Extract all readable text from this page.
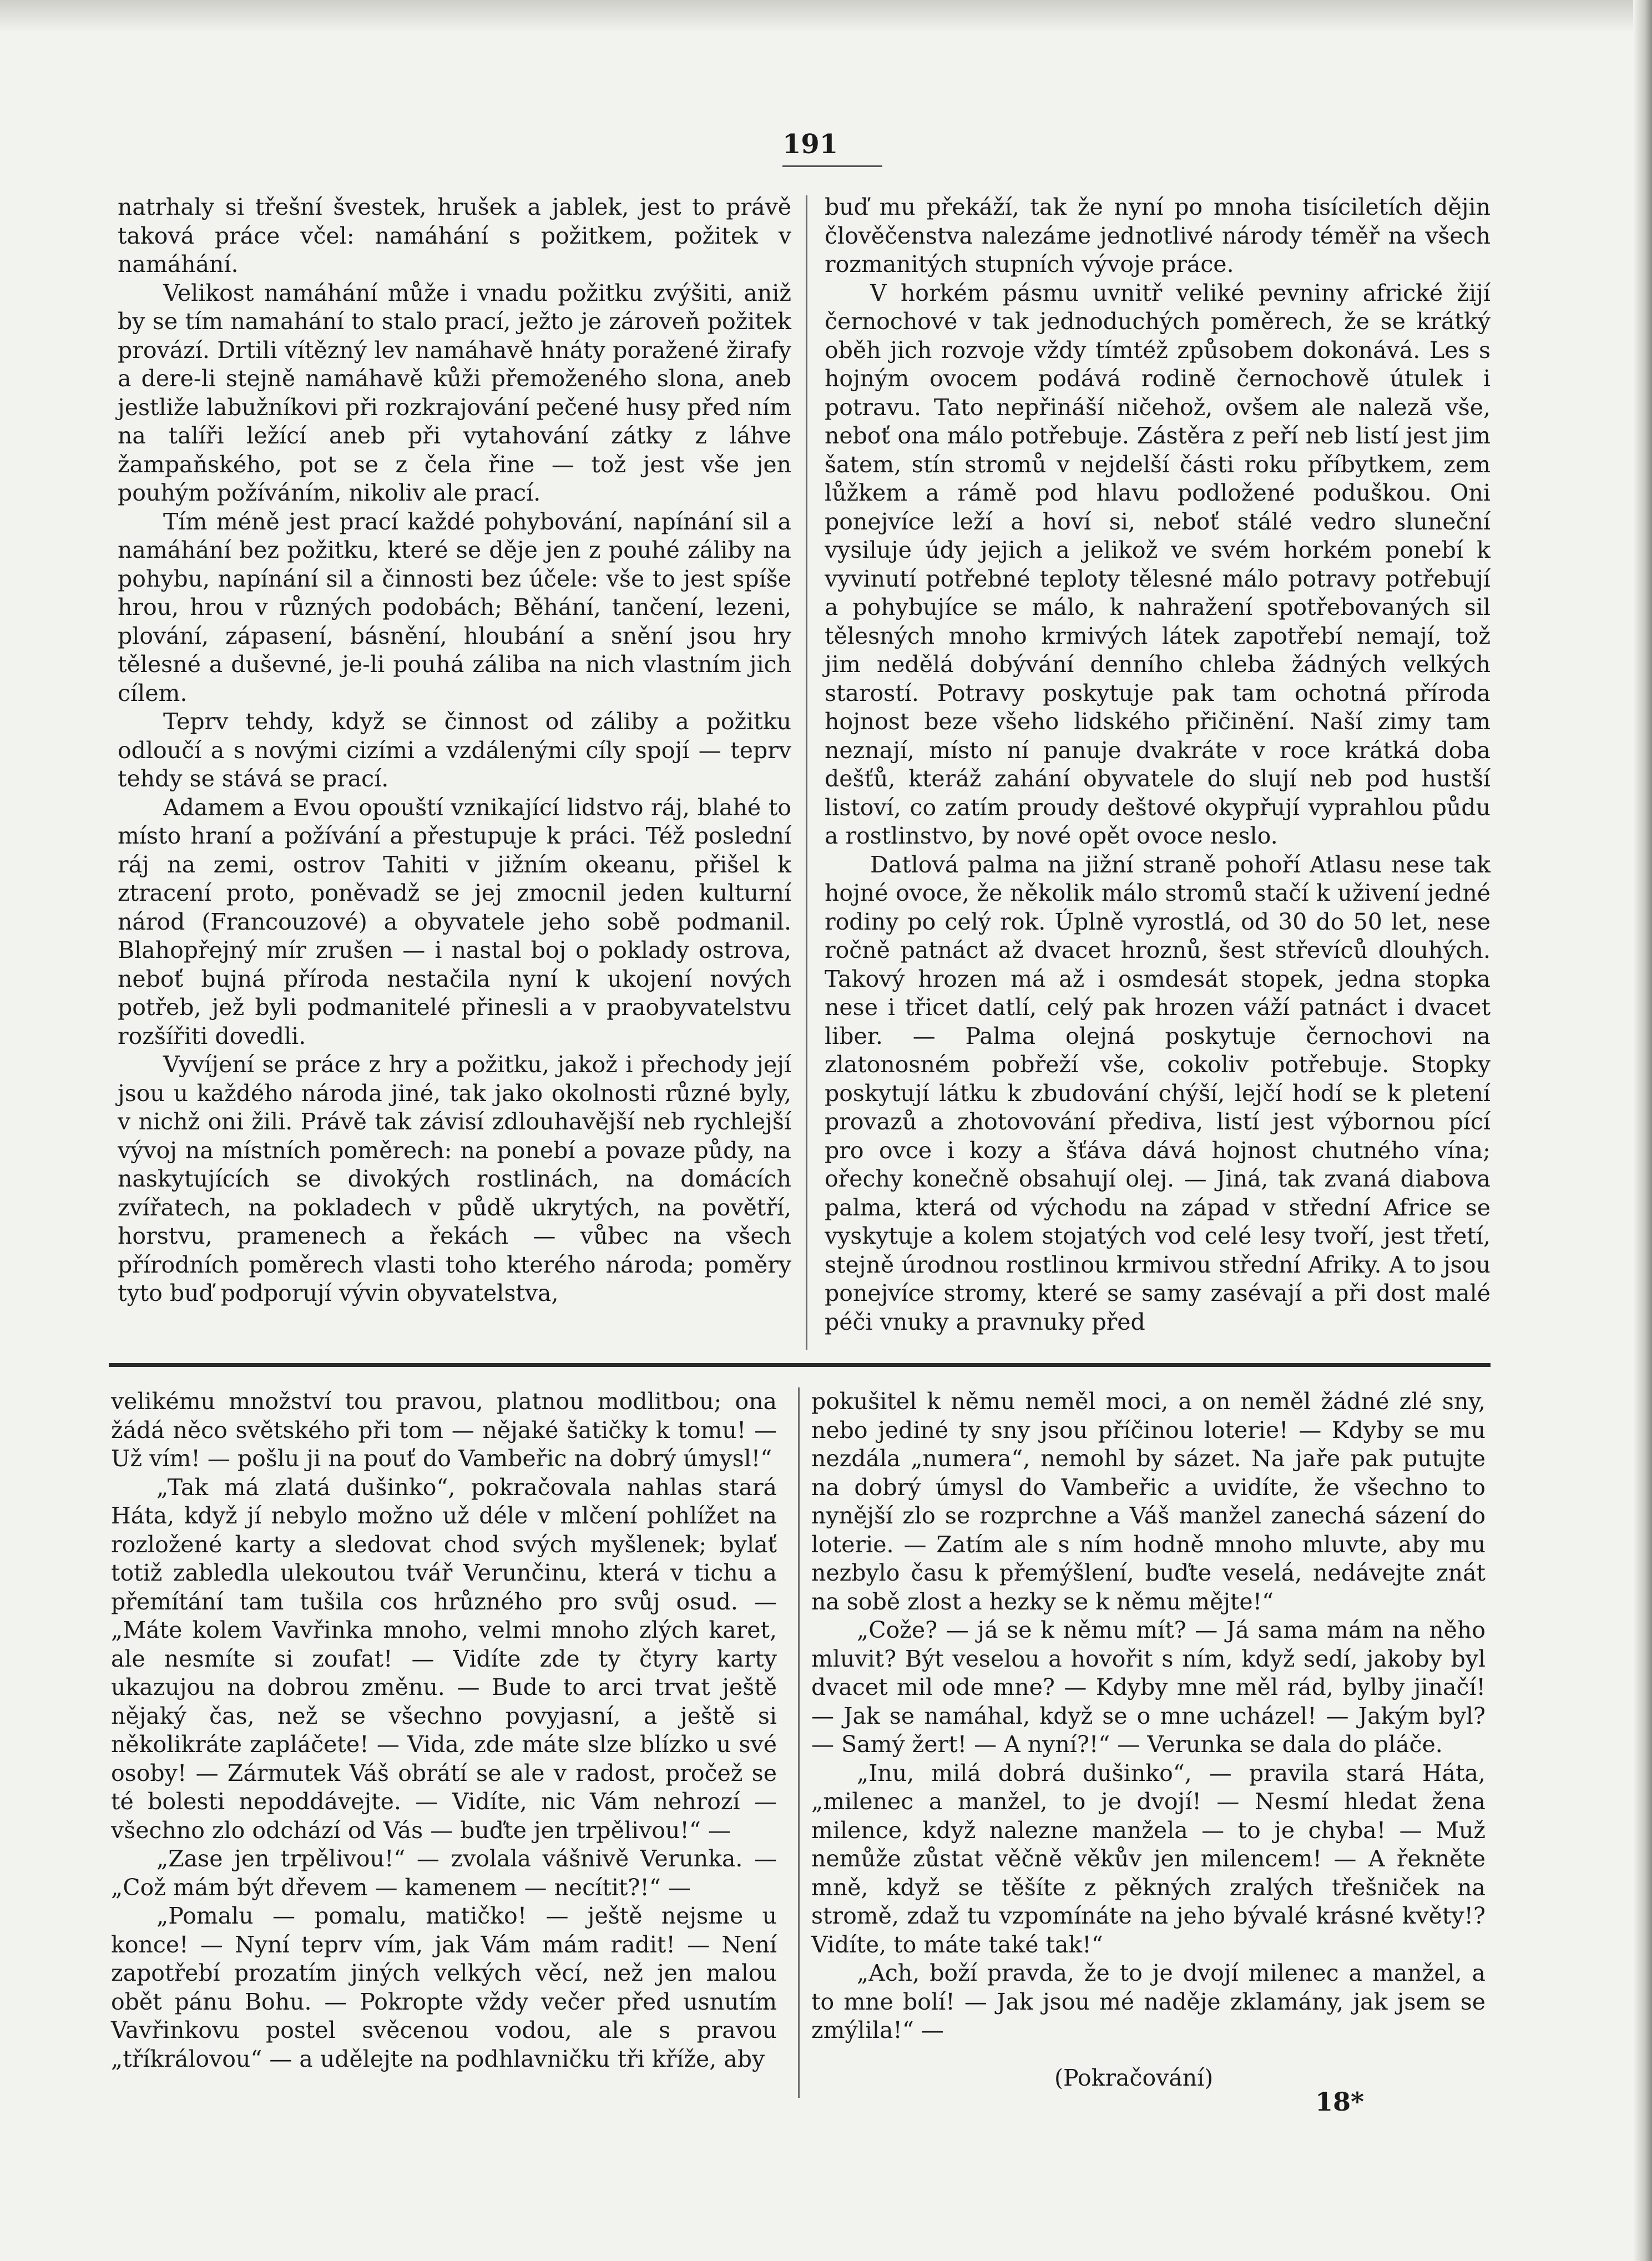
191

natrhaly si třešní švestek, hrušek a jablek, jest to právě taková práce včel: namáhání s požitkem, požitek v namáhání.

Velikost namáhání může i vnadu požitku zvýšiti, aniž by se tím namahání to stalo prací, ježto je zároveň požitek provází. Drtili vítězný lev namáhavě hnáty poražené žirafy a dere-li stejně namáhavě kůži přemoženého slona, aneb jestliže labužníkovi při rozkrajování pečené husy před ním na talíři ležící aneb při vytahování zátky z láhve žampaňského, pot se z čela řine — tož jest vše jen pouhým požíváním, nikoliv ale prací.

Tím méně jest prací každé pohybování, napínání sil a namáhání bez požitku, které se děje jen z pouhé záliby na pohybu, napínání sil a činnosti bez účele: vše to jest spíše hrou, hrou v různých podobách; Běhání, tančení, lezeni, plování, zápasení, básnění, hloubání a snění jsou hry tělesné a duševné, je-li pouhá záliba na nich vlastním jich cílem.

Teprv tehdy, když se činnost od záliby a požitku odloučí a s novými cizími a vzdálenými cíly spojí — teprv tehdy se stává se prací.

Adamem a Evou opouští vznikající lidstvo ráj, blahé to místo hraní a požívání a přestupuje k práci. Též poslední ráj na zemi, ostrov Tahiti v jižním okeanu, přišel k ztracení proto, poněvadž se jej zmocnil jeden kulturní národ (Francouzové) a obyvatele jeho sobě podmanil. Blahopřejný mír zrušen — i nastal boj o poklady ostrova, neboť bujná příroda nestačila nyní k ukojení nových potřeb, jež byli podmanitelé přinesli a v praobyvatelstvu rozšířiti dovedli.

Vyvíjení se práce z hry a požitku, jakož i přechody její jsou u každého národa jiné, tak jako okolnosti různé byly, v nichž oni žili. Právě tak závisí zdlouhavější neb rychlejší vývoj na místních poměrech: na ponebí a povaze půdy, na naskytujících se divokých rostlinách, na domácích zvířatech, na pokladech v půdě ukrytých, na povětří, horstvu, pramenech a řekách — vůbec na všech přírodních poměrech vlasti toho kterého národa; poměry tyto buď podporují vývin obyvatelstva,

buď mu překáží, tak že nyní po mnoha tisíciletích dějin člověčenstva nalezáme jednotlivé národy téměř na všech rozmanitých stupních vývoje práce.

V horkém pásmu uvnitř veliké pevniny africké žijí černochové v tak jednoduchých poměrech, že se krátký oběh jich rozvoje vždy tímtéž způsobem dokonává. Les s hojným ovocem podává rodině černochově útulek i potravu. Tato nepřináší ničehož, ovšem ale naleză vše, neboť ona málo potřebuje. Zástěra z peří neb listí jest jim šatem, stín stromů v nejdelší části roku příbytkem, zem lůžkem a rámě pod hlavu podložené poduškou. Oni ponejvíce leží a hoví si, neboť stálé vedro sluneční vysiluje údy jejich a jelikož ve svém horkém ponebí k vyvinutí potřebné teploty tělesné málo potravy potřebují a pohybujíce se málo, k nahražení spotřebovaných sil tělesných mnoho krmivých látek zapotřebí nemají, tož jim nedělá dobývání denního chleba žádných velkých starostí. Potravy poskytuje pak tam ochotná příroda hojnost beze všeho lidského přičinění. Naší zimy tam neznají, místo ní panuje dvakráte v roce krátká doba dešťů, kteráž zahání obyvatele do slují neb pod hustší listoví, co zatím proudy deštové okypřují vyprahlou půdu a rostlinstvo, by nové opět ovoce neslo.

Datlová palma na jižní straně pohoří Atlasu nese tak hojné ovoce, že několik málo stromů stačí k uživení jedné rodiny po celý rok. Úplně vyrostlá, od 30 do 50 let, nese ročně patnáct až dvacet hroznů, šest střevíců dlouhých. Takový hrozen má až i osmdesát stopek, jedna stopka nese i třicet datlí, celý pak hrozen váží patnáct i dvacet liber. — Palma olejná poskytuje černochovi na zlatonosném pobřeží vše, cokoliv potřebuje. Stopky poskytují látku k zbudování chýší, lejčí hodí se k pletení provazů a zhotovování přediva, listí jest výbornou pící pro ovce i kozy a šťáva dává hojnost chutného vína; ořechy konečně obsahují olej. — Jiná, tak zvaná diabova palma, která od východu na západ v střední Africe se vyskytuje a kolem stojatých vod celé lesy tvoří, jest třetí, stejně úrodnou rostlinou krmivou střední Afriky. A to jsou ponejvíce stromy, které se samy zasévají a při dost malé péči vnuky a pravnuky před

velikému množství tou pravou, platnou modlitbou; ona žádá něco světského při tom — nějaké šatičky k tomu! — Už vím! — pošlu ji na pouť do Vambeřic na dobrý úmysl!“

„Tak má zlatá dušinko“, pokračovala nahlas stará Háta, když jí nebylo možno už déle v mlčení pohlížet na rozložené karty a sledovat chod svých myšlenek; bylať totiž zabledla ulekoutou tvář Verunčinu, která v tichu a přemítání tam tušila cos hrůzného pro svůj osud. — „Máte kolem Vavřinka mnoho, velmi mnoho zlých karet, ale nesmíte si zoufat! — Vidíte zde ty čtyry karty ukazujou na dobrou změnu. — Bude to arci trvat ještě nějaký čas, než se všechno povyjasní, a ještě si několikráte zapláčete! — Vida, zde máte slze blízko u své osoby! — Zármutek Váš obrátí se ale v radost, pročež se té bolesti nepoddávejte. — Vidíte, nic Vám nehrozí — všechno zlo odchází od Vás — buďte jen trpělivou!“ —

„Zase jen trpělivou!“ — zvolala vášnivě Verunka. — „Což mám být dřevem — kamenem — necítit?!“ —

„Pomalu — pomalu, matičko! — ještě nejsme u konce! — Nyní teprv vím, jak Vám mám radit! — Není zapotřebí prozatím jiných velkých věcí, než jen malou obět pánu Bohu. — Pokropte vždy večer před usnutím Vavřinkovu postel svěcenou vodou, ale s pravou „tříkrálovou“ — a udělejte na podhlavničku tři kříže, aby

pokušitel k němu neměl moci, a on neměl žádné zlé sny, nebo jediné ty sny jsou příčinou loterie! — Kdyby se mu nezdála „numera“, nemohl by sázet. Na jaře pak putujte na dobrý úmysl do Vambeřic a uvidíte, že všechno to nynější zlo se rozprchne a Váš manžel zanechá sázení do loterie. — Zatím ale s ním hodně mnoho mluvte, aby mu nezbylo času k přemýšlení, buďte veselá, nedávejte znát na sobě zlost a hezky se k němu mějte!“

„Cože? — já se k němu mít? — Já sama mám na něho mluvit? Být veselou a hovořit s ním, když sedí, jakoby byl dvacet mil ode mne? — Kdyby mne měl rád, bylby jinačí! — Jak se namáhal, když se o mne ucházel! — Jakým byl? — Samý žert! — A nyní?!“ — Verunka se dala do pláče.

„Inu, milá dobrá dušinko“, — pravila stará Háta, „milenec a manžel, to je dvojí! — Nesmí hledat žena milence, když nalezne manžela — to je chyba! — Muž nemůže zůstat věčně věkův jen milencem! — A řekněte mně, když se těšíte z pěkných zralých třešniček na stromě, zdaž tu vzpomínáte na jeho bývalé krásné květy!? Vidíte, to máte také tak!“

„Ach, boží pravda, že to je dvojí milenec a manžel, a to mne bolí! — Jak jsou mé naděje zklamány, jak jsem se zmýlila!“ —

(Pokračování)
18*
